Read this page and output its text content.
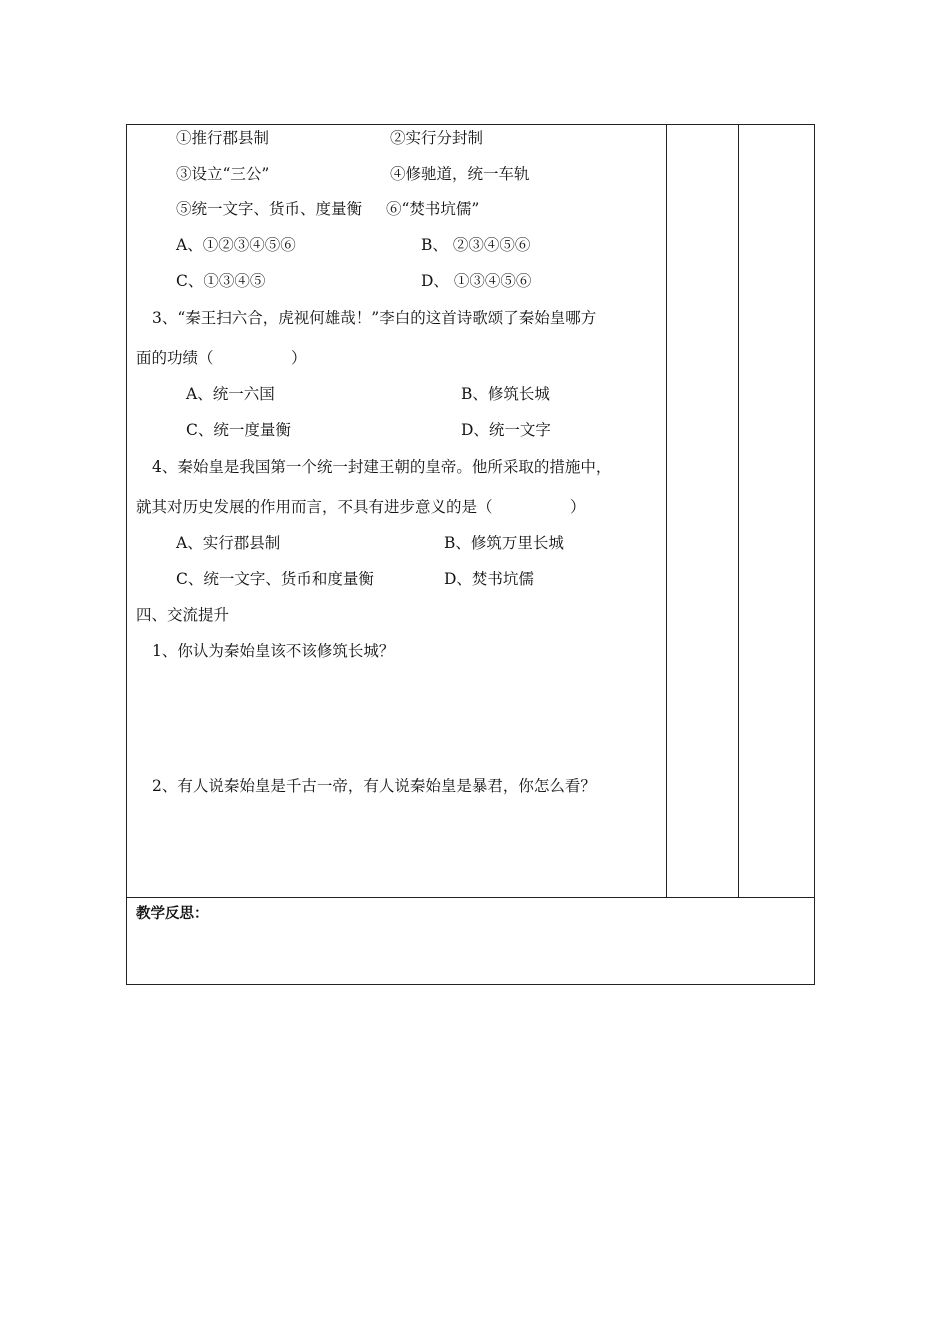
①推行郡县制	②实行分封制
③设立“三公”	④修驰道，统一车轨
⑤统一文字、货币、度量衡 ⑥“焚书坑儒”
A、①②③④⑤⑥	B、 ②③④⑤⑥
C、①③④⑤	D、 ①③④⑤⑥
3、“秦王扫六合，虎视何雄哉！”李白的这首诗歌颂了秦始皇哪方
面的功绩（　　　　　）
A、统一六国	B、修筑长城
C、统一度量衡	D、统一文字
4、秦始皇是我国第一个统一封建王朝的皇帝。他所采取的措施中，
就其对历史发展的作用而言，不具有进步意义的是（　　　　　）
A、实行郡县制	B、修筑万里长城
C、统一文字、货币和度量衡	D、焚书坑儒
四、交流提升
1、你认为秦始皇该不该修筑长城？
2、有人说秦始皇是千古一帝，有人说秦始皇是暴君，你怎么看？
教学反思：
